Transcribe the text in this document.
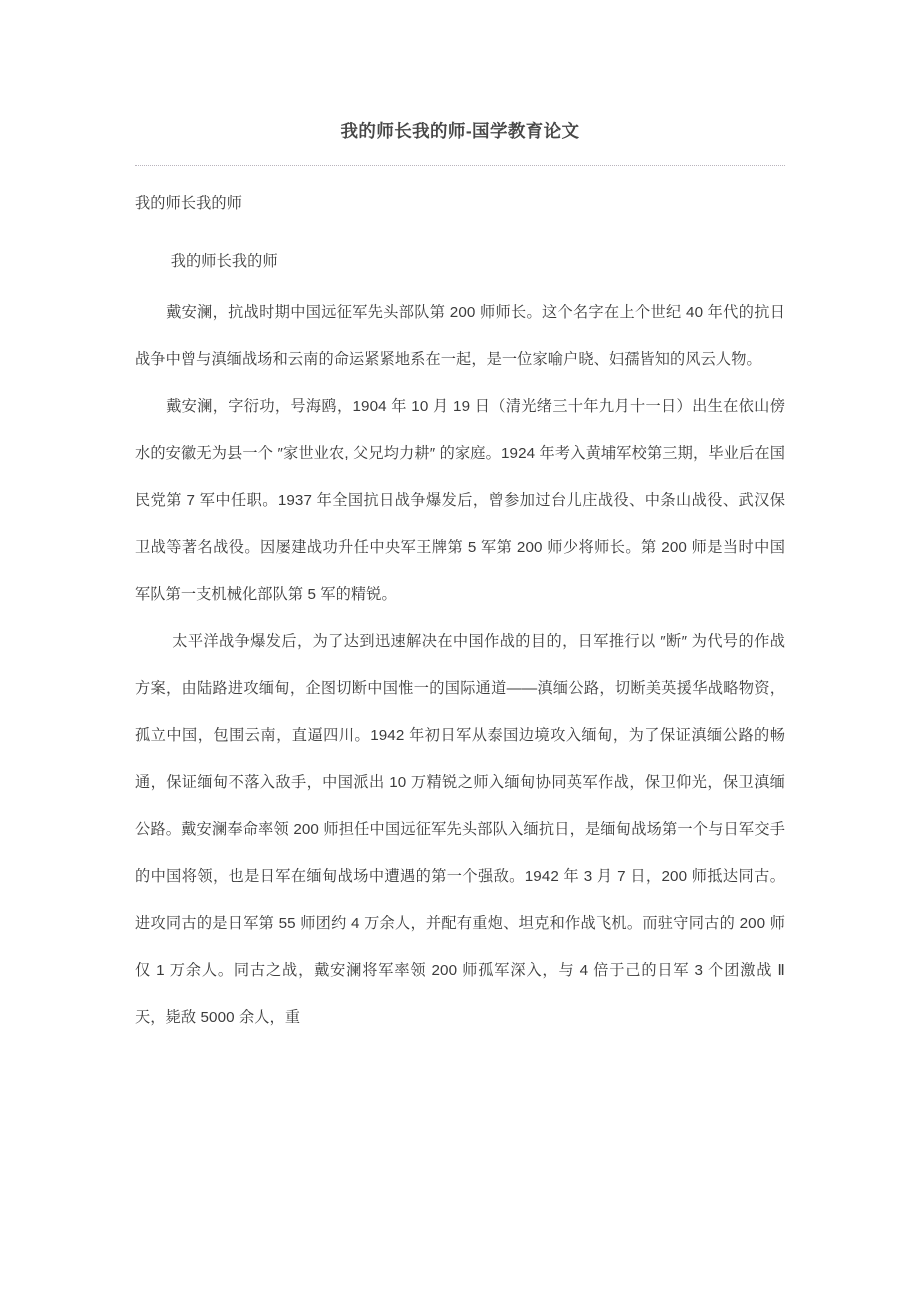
我的师长我的师-国学教育论文

我的师长我的师

我的师长我的师

戴安澜，抗战时期中国远征军先头部队第 200 师师长。这个名字在上个世纪 40 年代的抗日战争中曾与滇缅战场和云南的命运紧紧地系在一起，是一位家喻户晓、妇孺皆知的风云人物。

戴安澜，字衍功，号海鸥，1904 年 10 月 19 日（清光绪三十年九月十一日）出生在依山傍水的安徽无为县一个 ″家世业农, 父兄均力耕″ 的家庭。1924 年考入黄埔军校第三期，毕业后在国民党第 7 军中任职。1937 年全国抗日战争爆发后，曾参加过台儿庄战役、中条山战役、武汉保卫战等著名战役。因屡建战功升任中央军王牌第 5 军第 200 师少将师长。第 200 师是当时中国军队第一支机械化部队第 5 军的精锐。

太平洋战争爆发后，为了达到迅速解决在中国作战的目的，日军推行以 ″断″ 为代号的作战方案，由陆路进攻缅甸，企图切断中国惟一的国际通道——滇缅公路，切断美英援华战略物资，孤立中国，包围云南，直逼四川。1942 年初日军从泰国边境攻入缅甸，为了保证滇缅公路的畅通，保证缅甸不落入敌手，中国派出 10 万精锐之师入缅甸协同英军作战，保卫仰光，保卫滇缅公路。戴安澜奉命率领 200 师担任中国远征军先头部队入缅抗日，是缅甸战场第一个与日军交手的中国将领，也是日军在缅甸战场中遭遇的第一个强敌。1942 年 3 月 7 日，200 师抵达同古。进攻同古的是日军第 55 师团约 4 万余人，并配有重炮、坦克和作战飞机。而驻守同古的 200 师仅 1 万余人。同古之战，戴安澜将军率领 200 师孤军深入，与 4 倍于己的日军 3 个团激战 Ⅱ 天，毙敌 5000 余人，重
